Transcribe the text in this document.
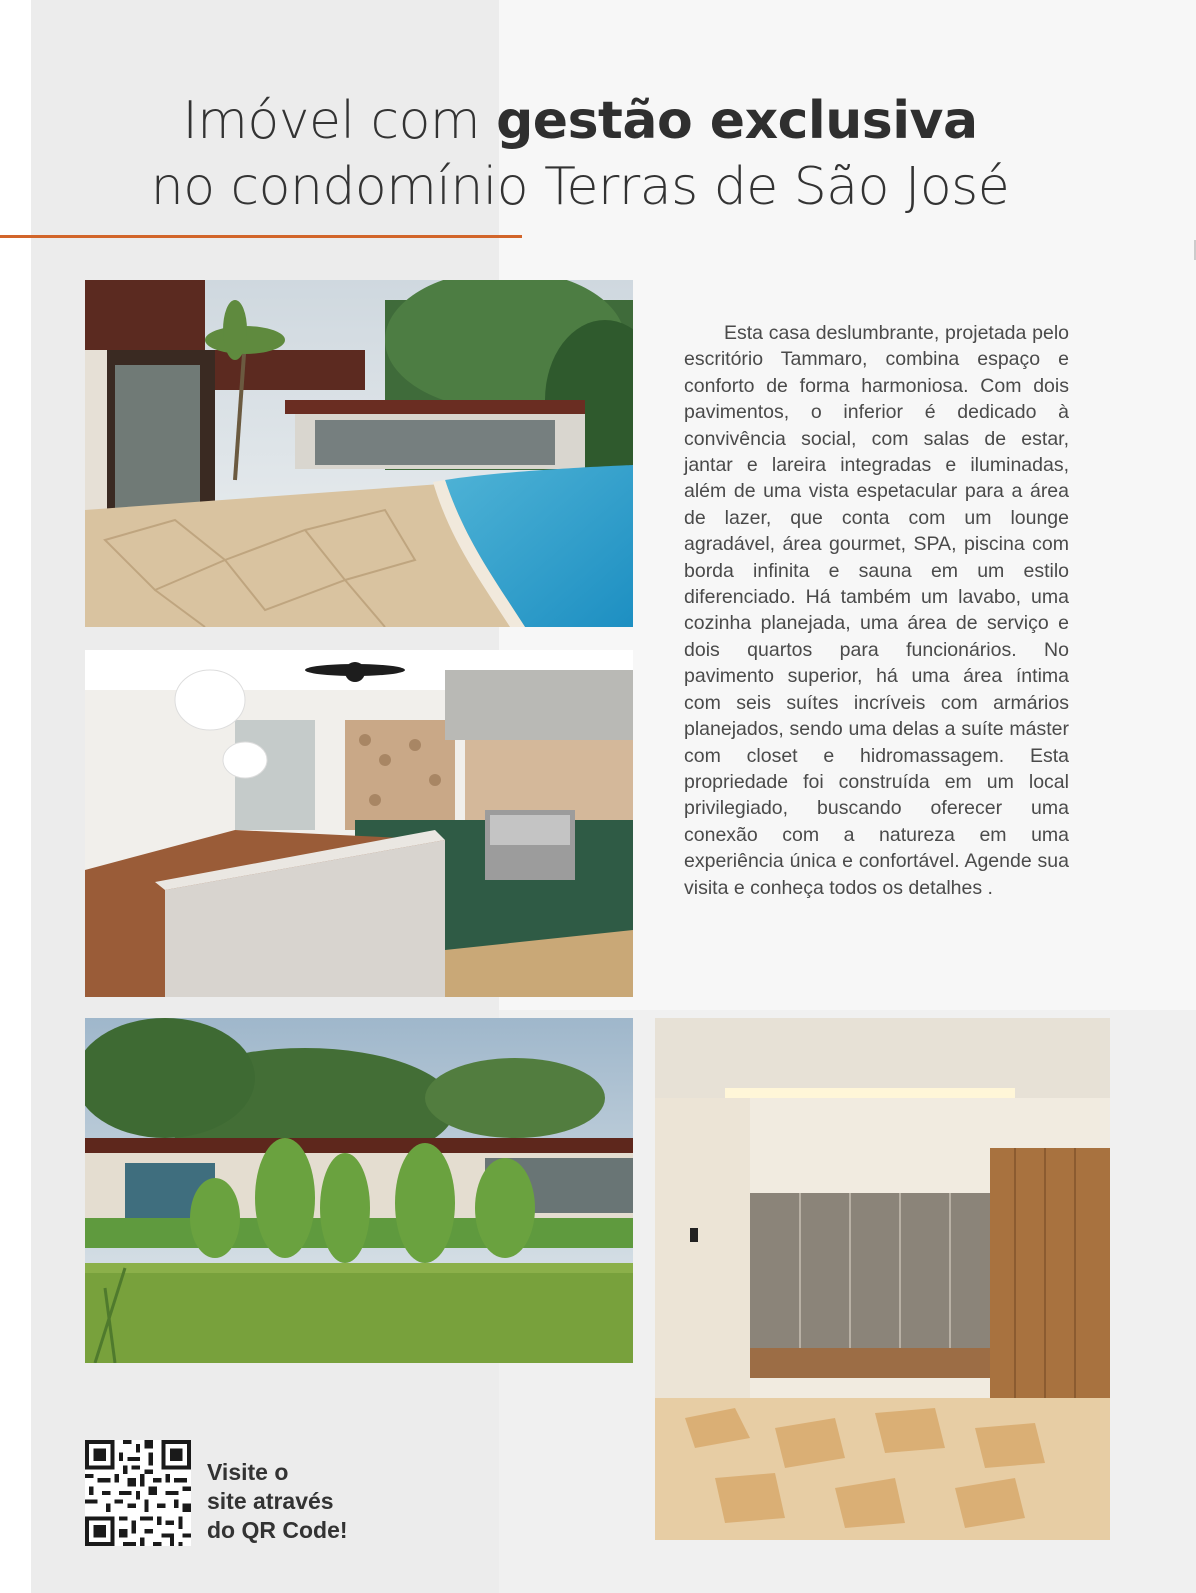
Imóvel com gestão exclusiva
no condomínio Terras de São José
Esta casa deslumbrante, projetada pelo escritório Tammaro, combina espaço e conforto de forma harmoniosa. Com dois pavimentos, o inferior é dedicado à convivência social, com salas de estar, jantar e lareira integradas e iluminadas, além de uma vista espetacular para a área de lazer, que conta com um lounge agradável, área gourmet, SPA, piscina com borda infinita e sauna em um estilo diferenciado. Há também um lavabo, uma cozinha planejada, uma área de serviço e dois quartos para funcionários. No pavimento superior, há uma área íntima com seis suítes incríveis com armários planejados, sendo uma delas a suíte máster com closet e hidromassagem. Esta propriedade foi construída em um local privilegiado, buscando oferecer uma conexão com a natureza em uma experiência única e confortável. Agende sua visita e conheça todos os detalhes .
Visite o
site através
do QR Code!
